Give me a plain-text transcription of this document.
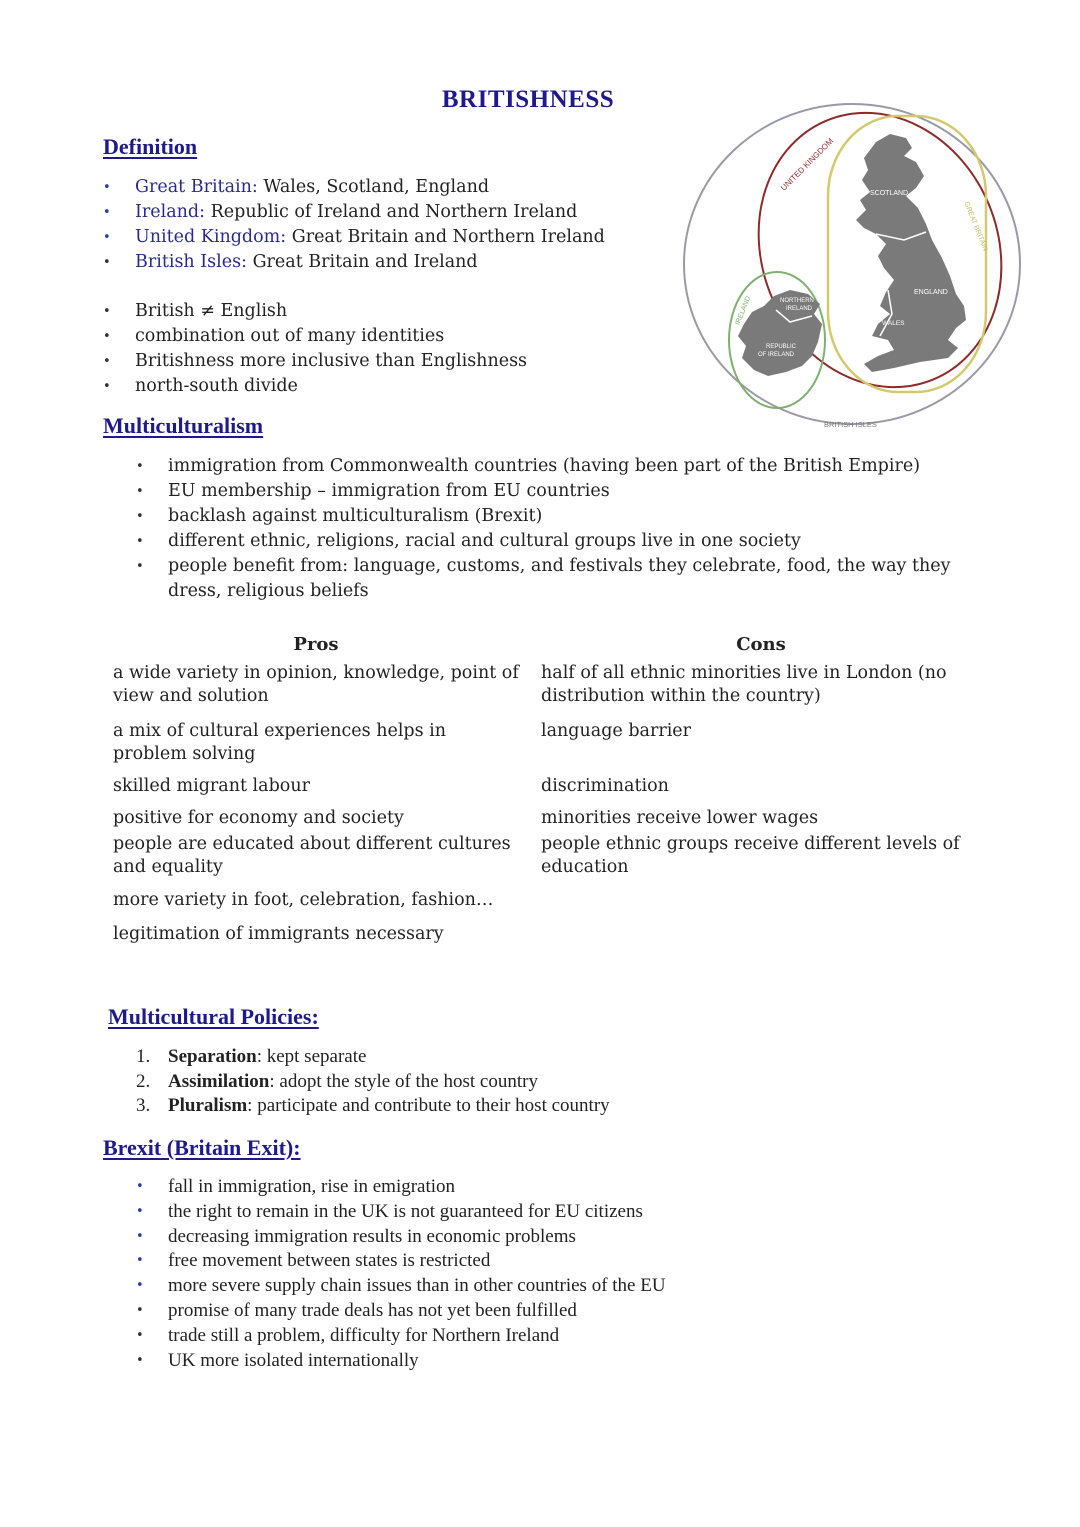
BRITISHNESS
Definition
• Great Britain: Wales, Scotland, England
• Ireland: Republic of Ireland and Northern Ireland
• United Kingdom: Great Britain and Northern Ireland
• British Isles: Great Britain and Ireland
• British ≠ English
• combination out of many identities
• Britishness more inclusive than Englishness
• north-south divide
UNITED KINGDOM
GREAT BRITAIN
IRELAND
BRITISH ISLES
SCOTLAND
ENGLAND
WALES
NORTHERN
IRELAND
REPUBLIC
OF IRELAND
Multiculturalism
• immigration from Commonwealth countries (having been part of the British Empire)
• EU membership – immigration from EU countries
• backlash against multiculturalism (Brexit)
• different ethnic, religions, racial and cultural groups live in one society
• people benefit from: language, customs, and festivals they celebrate, food, the way they dress, religious beliefs
Pros	Cons
a wide variety in opinion, knowledge, point of view and solution
a mix of cultural experiences helps in problem solving
skilled migrant labour
positive for economy and society
people are educated about different cultures and equality
more variety in foot, celebration, fashion…
legitimation of immigrants necessary
half of all ethnic minorities live in London (no distribution within the country)
language barrier
discrimination
minorities receive lower wages
people ethnic groups receive different levels of education
Multicultural Policies:
1. Separation: kept separate
2. Assimilation: adopt the style of the host country
3. Pluralism: participate and contribute to their host country
Brexit (Britain Exit):
• fall in immigration, rise in emigration
• the right to remain in the UK is not guaranteed for EU citizens
• decreasing immigration results in economic problems
• free movement between states is restricted
• more severe supply chain issues than in other countries of the EU
• promise of many trade deals has not yet been fulfilled
• trade still a problem, difficulty for Northern Ireland
• UK more isolated internationally
